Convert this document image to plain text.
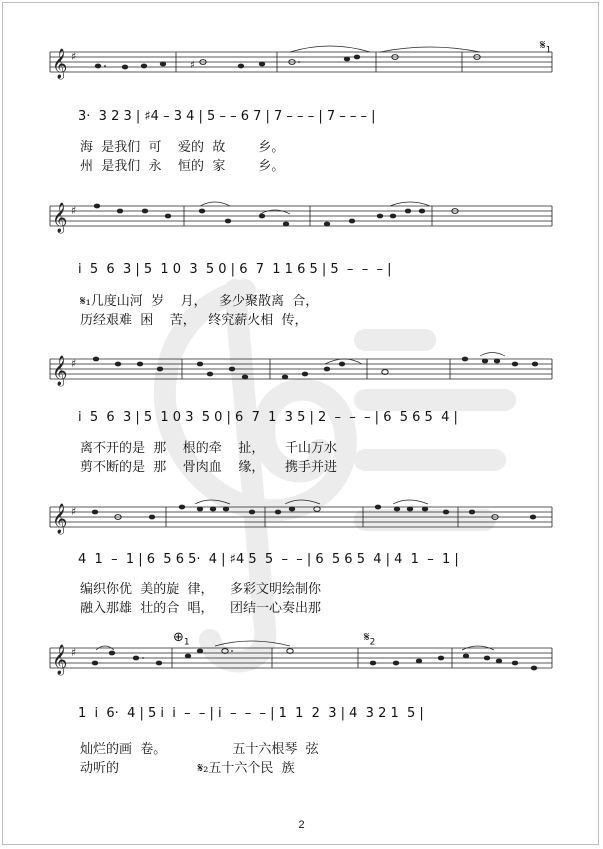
𝄞 ♯
♯
$𝄋_1$
3·  3 2 3 | ♯4 – 3 4 | 5 – – 6 7 | 7 – – – | 7 – – – |
海  是我们  可    爱的  故        乡。
州  是我们  永    恒的  家        乡。
𝄞 ♯
i  5  6  3 | 5  1 0  3  5 0 | 6  7  1 1 6 5 | 5  –  –  – |
𝄋₁几度山河  岁    月，   多少聚散离  合，
历经艰难  困    苦，   终究薪火相  传，
𝄞 ♯
i  5  6  3 | 5  1 0 3  5 0 | 6  7  1  3 5 | 2  –  –  – | 6  5 6 5  4 |
离不开的是  那    根的牵    扯，     千山万水
剪不断的是  那    骨肉血    缘，     携手并进
𝄞 ♯
4  1  –  1 | 6  5 6 5·  4 | ♯4 5  5  –  – | 6  5 6 5  4 | 4  1  –  1 |
编织你优  美的旋  律，    多彩文明绘制你
融入那雄  壮的合  唱，    团结一心奏出那
𝄞 ♯
$\oplus_1$	$𝄋_2$
1  i  6·  4 | 5 i  i  –  – | i  –  –  – | 1  1  2  3 | 4  3 2 1  5 |
灿烂的画  卷。                五十六根琴  弦
动听的                   𝄋₂五十六个民  族
2
